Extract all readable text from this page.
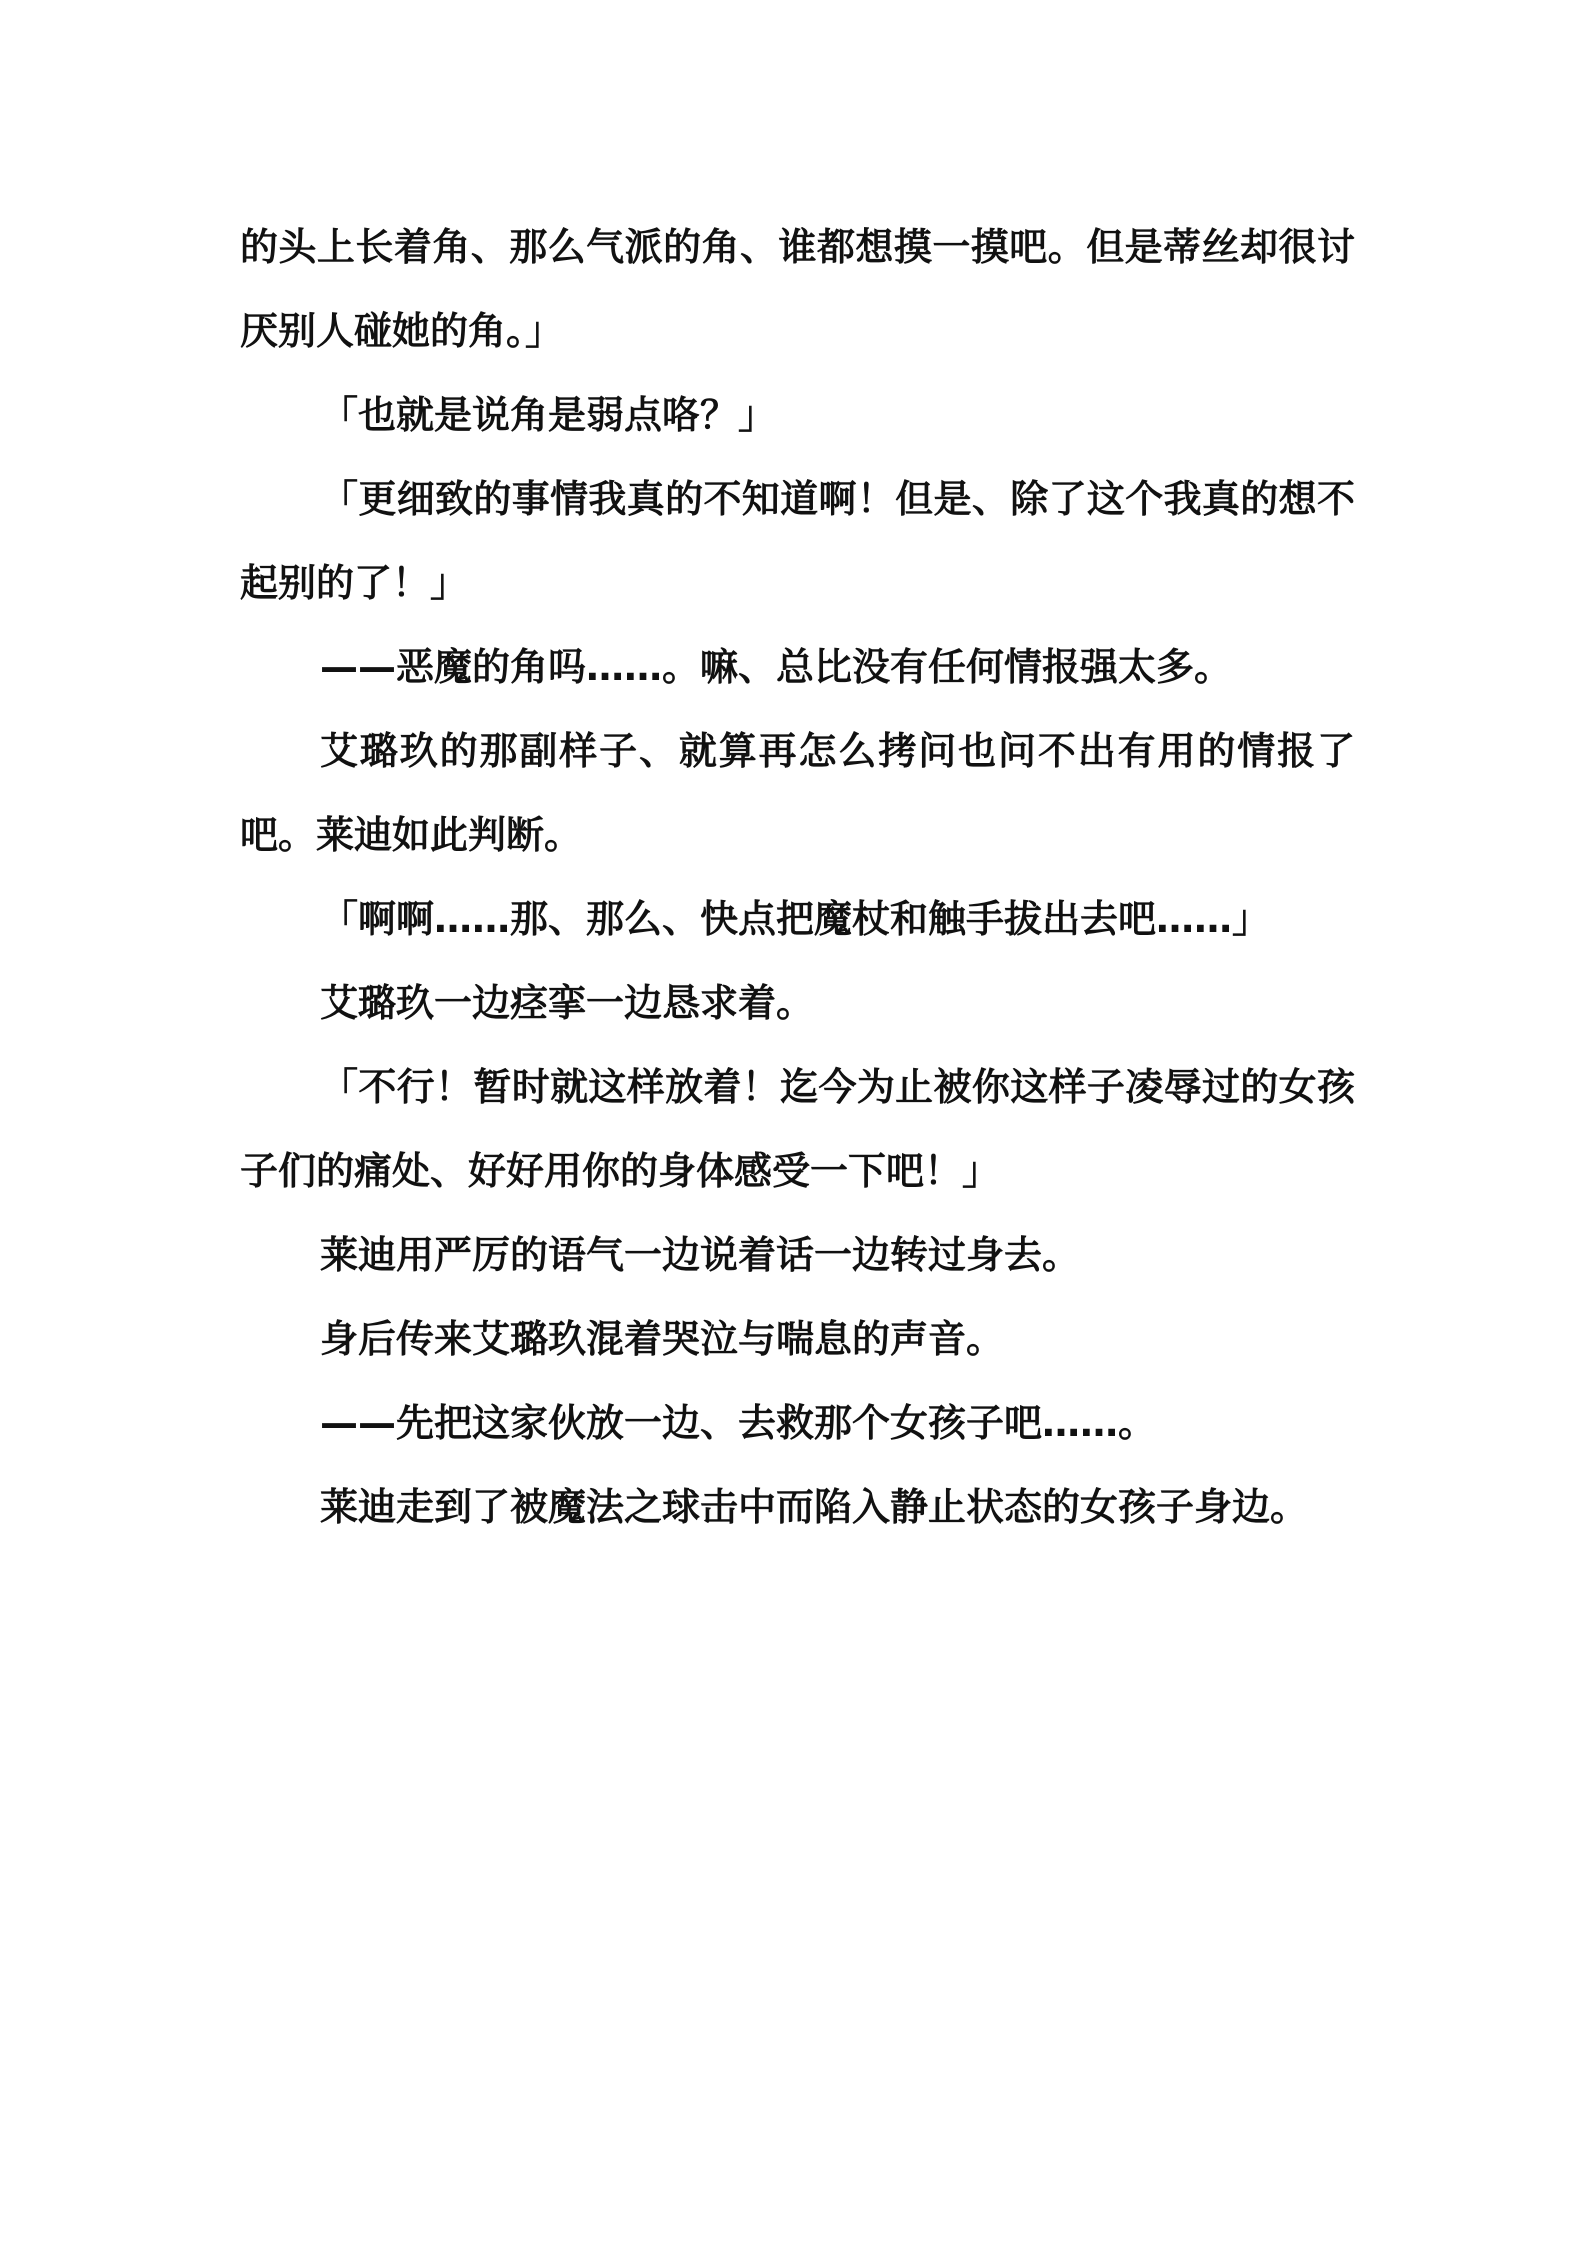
的头上长着角、那么气派的角、谁都想摸一摸吧。但是蒂丝却很讨厌别人碰她的角。」

「也就是说角是弱点咯？」

「更细致的事情我真的不知道啊！但是、除了这个我真的想不起别的了！」

——恶魔的角吗……。嘛、总比没有任何情报强太多。

艾璐玖的那副样子、就算再怎么拷问也问不出有用的情报了吧。莱迪如此判断。

「啊啊……那、那么、快点把魔杖和触手拔出去吧……」

艾璐玖一边痉挛一边恳求着。

「不行！暂时就这样放着！迄今为止被你这样子凌辱过的女孩子们的痛处、好好用你的身体感受一下吧！」

莱迪用严厉的语气一边说着话一边转过身去。

身后传来艾璐玖混着哭泣与喘息的声音。

——先把这家伙放一边、去救那个女孩子吧……。

莱迪走到了被魔法之球击中而陷入静止状态的女孩子身边。
